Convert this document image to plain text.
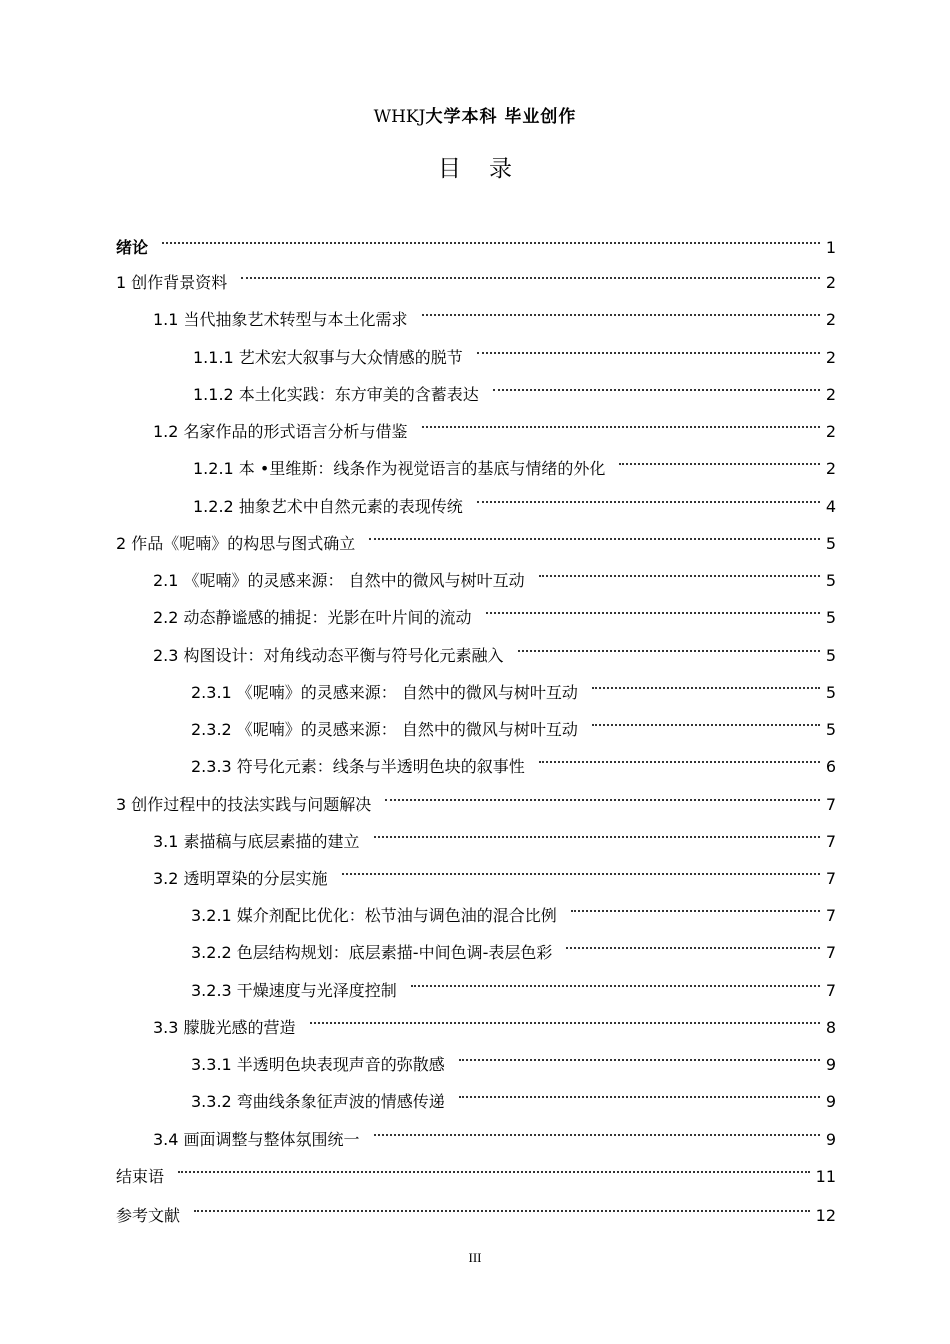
WHKJ大学本科 毕业创作
目录
绪论	1
1 创作背景资料	2
1.1 当代抽象艺术转型与本土化需求	2
1.1.1 艺术宏大叙事与大众情感的脱节	2
1.1.2 本土化实践：东方审美的含蓄表达	2
1.2 名家作品的形式语言分析与借鉴	2
1.2.1 本 •里维斯：线条作为视觉语言的基底与情绪的外化	2
1.2.2 抽象艺术中自然元素的表现传统	4
2 作品《呢喃》的构思与图式确立	5
2.1 《呢喃》的灵感来源： 自然中的微风与树叶互动	5
2.2 动态静谧感的捕捉：光影在叶片间的流动	5
2.3 构图设计：对角线动态平衡与符号化元素融入	5
2.3.1 《呢喃》的灵感来源： 自然中的微风与树叶互动	5
2.3.2 《呢喃》的灵感来源： 自然中的微风与树叶互动	5
2.3.3 符号化元素：线条与半透明色块的叙事性	6
3 创作过程中的技法实践与问题解决	7
3.1 素描稿与底层素描的建立	7
3.2 透明罩染的分层实施	7
3.2.1 媒介剂配比优化：松节油与调色油的混合比例	7
3.2.2 色层结构规划：底层素描-中间色调-表层色彩	7
3.2.3 干燥速度与光泽度控制	7
3.3 朦胧光感的营造	8
3.3.1 半透明色块表现声音的弥散感	9
3.3.2 弯曲线条象征声波的情感传递	9
3.4 画面调整与整体氛围统一	9
结束语	11
参考文献	12
III
